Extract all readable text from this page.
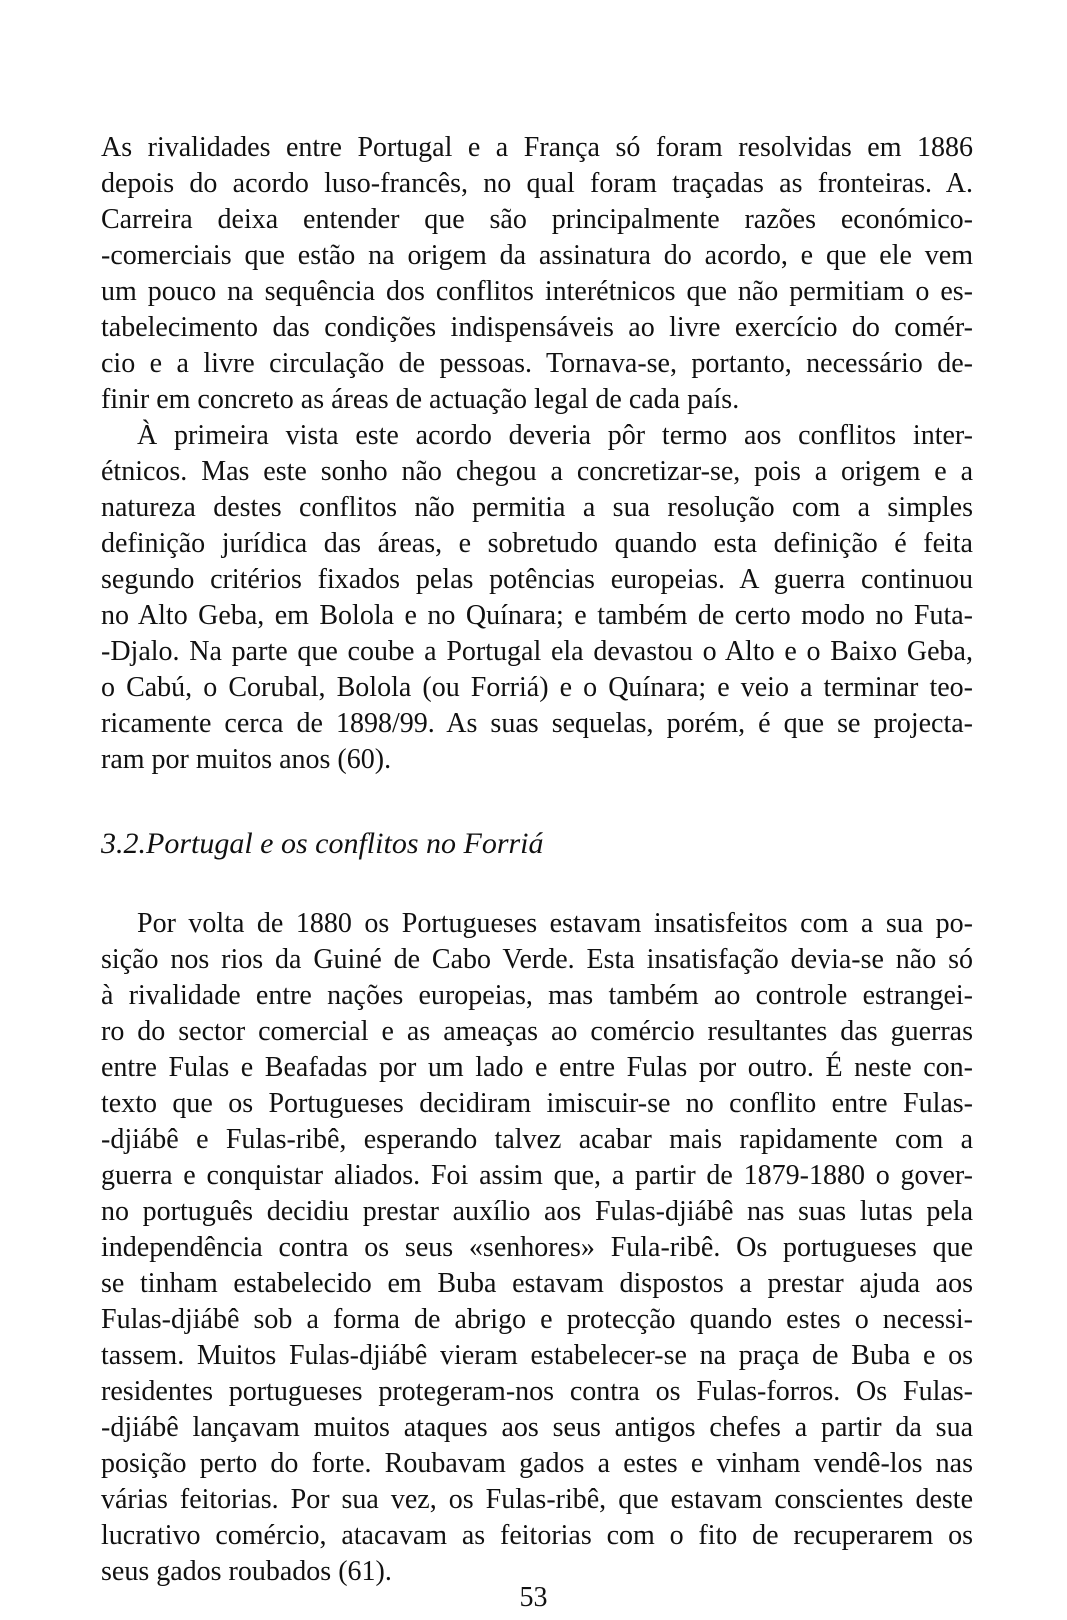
As rivalidades entre Portugal e a França só foram resolvidas em 1886
depois do acordo luso-francês, no qual foram traçadas as fronteiras. A.
Carreira deixa entender que são principalmente razões económico-
-comerciais que estão na origem da assinatura do acordo, e que ele vem
um pouco na sequência dos conflitos interétnicos que não permitiam o es-
tabelecimento das condições indispensáveis ao livre exercício do comér-
cio e a livre circulação de pessoas. Tornava-se, portanto, necessário de-
finir em concreto as áreas de actuação legal de cada país.
À primeira vista este acordo deveria pôr termo aos conflitos inter-
étnicos. Mas este sonho não chegou a concretizar-se, pois a origem e a
natureza destes conflitos não permitia a sua resolução com a simples
definição jurídica das áreas, e sobretudo quando esta definição é feita
segundo critérios fixados pelas potências europeias. A guerra continuou
no Alto Geba, em Bolola e no Quínara; e também de certo modo no Futa-
-Djalo. Na parte que coube a Portugal ela devastou o Alto e o Baixo Geba,
o Cabú, o Corubal, Bolola (ou Forriá) e o Quínara; e veio a terminar teo-
ricamente cerca de 1898/99. As suas sequelas, porém, é que se projecta-
ram por muitos anos (60).
3.2.Portugal e os conflitos no Forriá
Por volta de 1880 os Portugueses estavam insatisfeitos com a sua po-
sição nos rios da Guiné de Cabo Verde. Esta insatisfação devia-se não só
à rivalidade entre nações europeias, mas também ao controle estrangei-
ro do sector comercial e as ameaças ao comércio resultantes das guerras
entre Fulas e Beafadas por um lado e entre Fulas por outro. É neste con-
texto que os Portugueses decidiram imiscuir-se no conflito entre Fulas-
-djiábê e Fulas-ribê, esperando talvez acabar mais rapidamente com a
guerra e conquistar aliados. Foi assim que, a partir de 1879-1880 o gover-
no português decidiu prestar auxílio aos Fulas-djiábê nas suas lutas pela
independência contra os seus «senhores» Fula-ribê. Os portugueses que
se tinham estabelecido em Buba estavam dispostos a prestar ajuda aos
Fulas-djiábê sob a forma de abrigo e protecção quando estes o necessi-
tassem. Muitos Fulas-djiábê vieram estabelecer-se na praça de Buba e os
residentes portugueses protegeram-nos contra os Fulas-forros. Os Fulas-
-djiábê lançavam muitos ataques aos seus antigos chefes a partir da sua
posição perto do forte. Roubavam gados a estes e vinham vendê-los nas
várias feitorias. Por sua vez, os Fulas-ribê, que estavam conscientes deste
lucrativo comércio, atacavam as feitorias com o fito de recuperarem os
seus gados roubados (61).
53
